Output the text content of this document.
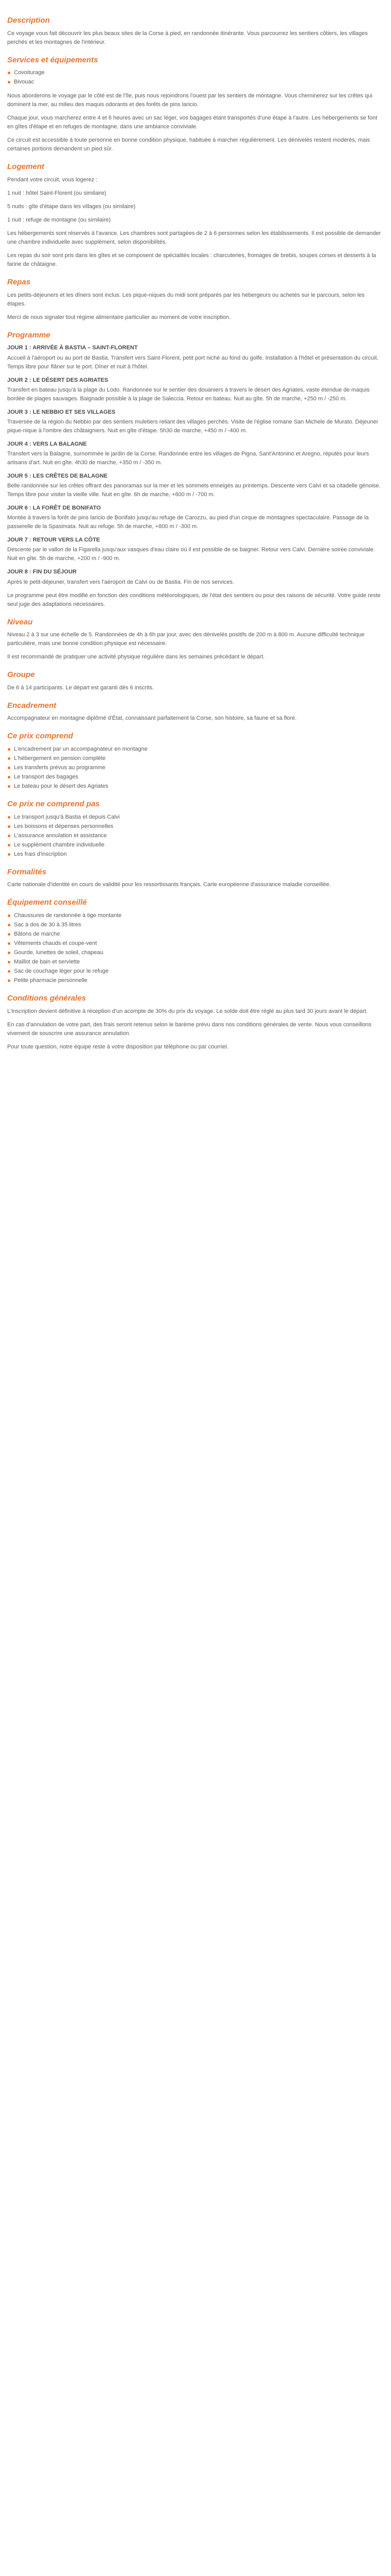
Description

Ce voyage vous fait découvrir les plus beaux sites de la Corse à pied, en randonnée itinérante. Vous parcourrez les sentiers côtiers, les villages perchés et les montagnes de l'intérieur.

Services et équipements
Covoiturage
Bivouac

Nous aborderons le voyage par le côté est de l'île, puis nous rejoindrons l'ouest par les sentiers de montagne. Vous cheminerez sur les crêtes qui dominent la mer, au milieu des maquis odorants et des forêts de pins laricio.

Chaque jour, vous marcherez entre 4 et 6 heures avec un sac léger, vos bagages étant transportés d'une étape à l'autre. Les hébergements se font en gîtes d'étape et en refuges de montagne, dans une ambiance conviviale.

Ce circuit est accessible à toute personne en bonne condition physique, habituée à marcher régulièrement. Les dénivelés restent modérés, mais certaines portions demandent un pied sûr.

Logement

Pendant votre circuit, vous logerez :

1 nuit : hôtel Saint-Florent (ou similaire)

5 nuits : gîte d'étape dans les villages (ou similaire)

1 nuit : refuge de montagne (ou similaire)

Les hébergements sont réservés à l'avance. Les chambres sont partagées de 2 à 6 personnes selon les établissements. Il est possible de demander une chambre individuelle avec supplément, selon disponibilités.

Les repas du soir sont pris dans les gîtes et se composent de spécialités locales : charcuteries, fromages de brebis, soupes corses et desserts à la farine de châtaigne.

Repas

Les petits-déjeuners et les dîners sont inclus. Les pique-niques du midi sont préparés par les hébergeurs ou achetés sur le parcours, selon les étapes.

Merci de nous signaler tout régime alimentaire particulier au moment de votre inscription.

Programme
JOUR 1 : ARRIVÉE À BASTIA – SAINT-FLORENT
Accueil à l'aéroport ou au port de Bastia. Transfert vers Saint-Florent, petit port niché au fond du golfe. Installation à l'hôtel et présentation du circuit. Temps libre pour flâner sur le port. Dîner et nuit à l'hôtel.
JOUR 2 : LE DÉSERT DES AGRIATES
Transfert en bateau jusqu'à la plage du Lodo. Randonnée sur le sentier des douaniers à travers le désert des Agriates, vaste étendue de maquis bordée de plages sauvages. Baignade possible à la plage de Saleccia. Retour en bateau. Nuit au gîte. 5h de marche, +250 m / -250 m.
JOUR 3 : LE NEBBIO ET SES VILLAGES
Traversée de la région du Nebbio par des sentiers muletiers reliant des villages perchés. Visite de l'église romane San Michele de Murato. Déjeuner pique-nique à l'ombre des châtaigniers. Nuit en gîte d'étape. 5h30 de marche, +450 m / -400 m.
JOUR 4 : VERS LA BALAGNE
Transfert vers la Balagne, surnommée le jardin de la Corse. Randonnée entre les villages de Pigna, Sant'Antonino et Aregno, réputés pour leurs artisans d'art. Nuit en gîte. 4h30 de marche, +350 m / -350 m.
JOUR 5 : LES CRÊTES DE BALAGNE
Belle randonnée sur les crêtes offrant des panoramas sur la mer et les sommets enneigés au printemps. Descente vers Calvi et sa citadelle génoise. Temps libre pour visiter la vieille ville. Nuit en gîte. 6h de marche, +600 m / -700 m.
JOUR 6 : LA FORÊT DE BONIFATO
Montée à travers la forêt de pins laricio de Bonifato jusqu'au refuge de Carozzu, au pied d'un cirque de montagnes spectaculaire. Passage de la passerelle de la Spasimata. Nuit au refuge. 5h de marche, +800 m / -300 m.
JOUR 7 : RETOUR VERS LA CÔTE
Descente par le vallon de la Figarella jusqu'aux vasques d'eau claire où il est possible de se baigner. Retour vers Calvi. Dernière soirée conviviale. Nuit en gîte. 5h de marche, +200 m / -900 m.
JOUR 8 : FIN DU SÉJOUR
Après le petit-déjeuner, transfert vers l'aéroport de Calvi ou de Bastia. Fin de nos services.

Le programme peut être modifié en fonction des conditions météorologiques, de l'état des sentiers ou pour des raisons de sécurité. Votre guide reste seul juge des adaptations nécessaires.

Niveau

Niveau 2 à 3 sur une échelle de 5. Randonnées de 4h à 6h par jour, avec des dénivelés positifs de 200 m à 800 m. Aucune difficulté technique particulière, mais une bonne condition physique est nécessaire.

Il est recommandé de pratiquer une activité physique régulière dans les semaines précédant le départ.

Groupe

De 6 à 14 participants. Le départ est garanti dès 6 inscrits.

Encadrement

Accompagnateur en montagne diplômé d'État, connaissant parfaitement la Corse, son histoire, sa faune et sa flore.

Ce prix comprend
L'encadrement par un accompagnateur en montagne
L'hébergement en pension complète
Les transferts prévus au programme
Le transport des bagages
Le bateau pour le désert des Agriates
Ce prix ne comprend pas
Le transport jusqu'à Bastia et depuis Calvi
Les boissons et dépenses personnelles
L'assurance annulation et assistance
Le supplément chambre individuelle
Les frais d'inscription
Formalités

Carte nationale d'identité en cours de validité pour les ressortissants français. Carte européenne d'assurance maladie conseillée.

Équipement conseillé
Chaussures de randonnée à tige montante
Sac à dos de 30 à 35 litres
Bâtons de marche
Vêtements chauds et coupe-vent
Gourde, lunettes de soleil, chapeau
Maillot de bain et serviette
Sac de couchage léger pour le refuge
Petite pharmacie personnelle
Conditions générales

L'inscription devient définitive à réception d'un acompte de 30% du prix du voyage. Le solde doit être réglé au plus tard 30 jours avant le départ.

En cas d'annulation de votre part, des frais seront retenus selon le barème prévu dans nos conditions générales de vente. Nous vous conseillons vivement de souscrire une assurance annulation.

Pour toute question, notre équipe reste à votre disposition par téléphone ou par courriel.
